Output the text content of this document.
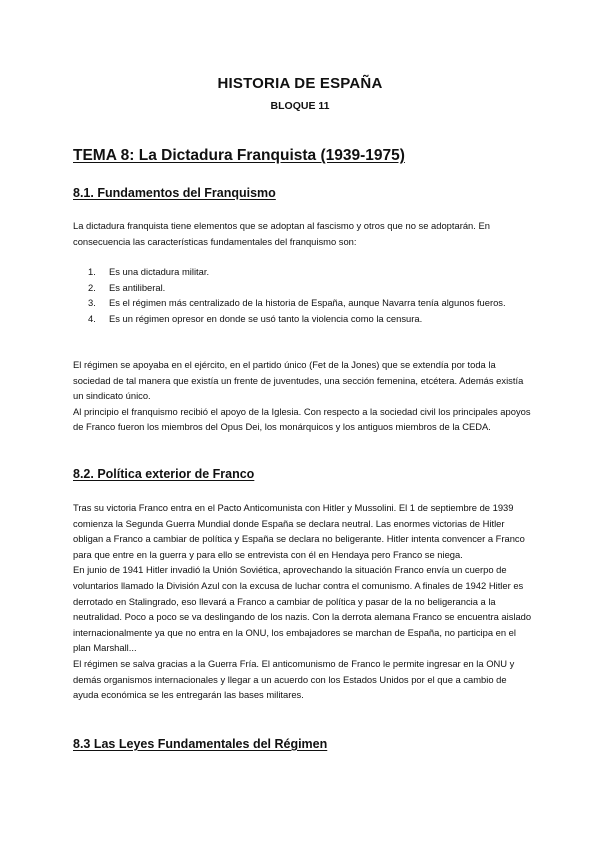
HISTORIA DE ESPAÑA
BLOQUE 11
TEMA 8: La Dictadura Franquista (1939-1975)
8.1. Fundamentos del Franquismo

La dictadura franquista tiene elementos que se adoptan al fascismo y otros que no se adoptarán. En consecuencia las características fundamentales del franquismo son:

1. Es una dictadura militar.
2. Es antiliberal.
3. Es el régimen más centralizado de la historia de España, aunque Navarra tenía algunos fueros.
4. Es un régimen opresor en donde se usó tanto la violencia como la censura.

El régimen se apoyaba en el ejército, en el partido único (Fet de la Jones) que se extendía por toda la sociedad de tal manera que existía un frente de juventudes, una sección femenina, etcétera. Además existía un sindicato único.

Al principio el franquismo recibió el apoyo de la Iglesia. Con respecto a la sociedad civil los principales apoyos de Franco fueron los miembros del Opus Dei, los monárquicos y los antiguos miembros de la CEDA.

8.2. Política exterior de Franco

Tras su victoria Franco entra en el Pacto Anticomunista con Hitler y Mussolini. El 1 de septiembre de 1939 comienza la Segunda Guerra Mundial donde España se declara neutral. Las enormes victorias de Hitler obligan a Franco a cambiar de política y España se declara no beligerante. Hitler intenta convencer a Franco para que entre en la guerra y para ello se entrevista con él en Hendaya pero Franco se niega.

En junio de 1941 Hitler invadió la Unión Soviética, aprovechando la situación Franco envía un cuerpo de voluntarios llamado la División Azul con la excusa de luchar contra el comunismo. A finales de 1942 Hitler es derrotado en Stalingrado, eso llevará a Franco a cambiar de política y pasar de la no beligerancia a la neutralidad. Poco a poco se va deslingando de los nazis. Con la derrota alemana Franco se encuentra aislado internacionalmente ya que no entra en la ONU, los embajadores se marchan de España, no participa en el plan Marshall...

El régimen se salva gracias a la Guerra Fría. El anticomunismo de Franco le permite ingresar en la ONU y demás organismos internacionales y llegar a un acuerdo con los Estados Unidos por el que a cambio de ayuda económica se les entregarán las bases militares.

8.3 Las Leyes Fundamentales del Régimen
